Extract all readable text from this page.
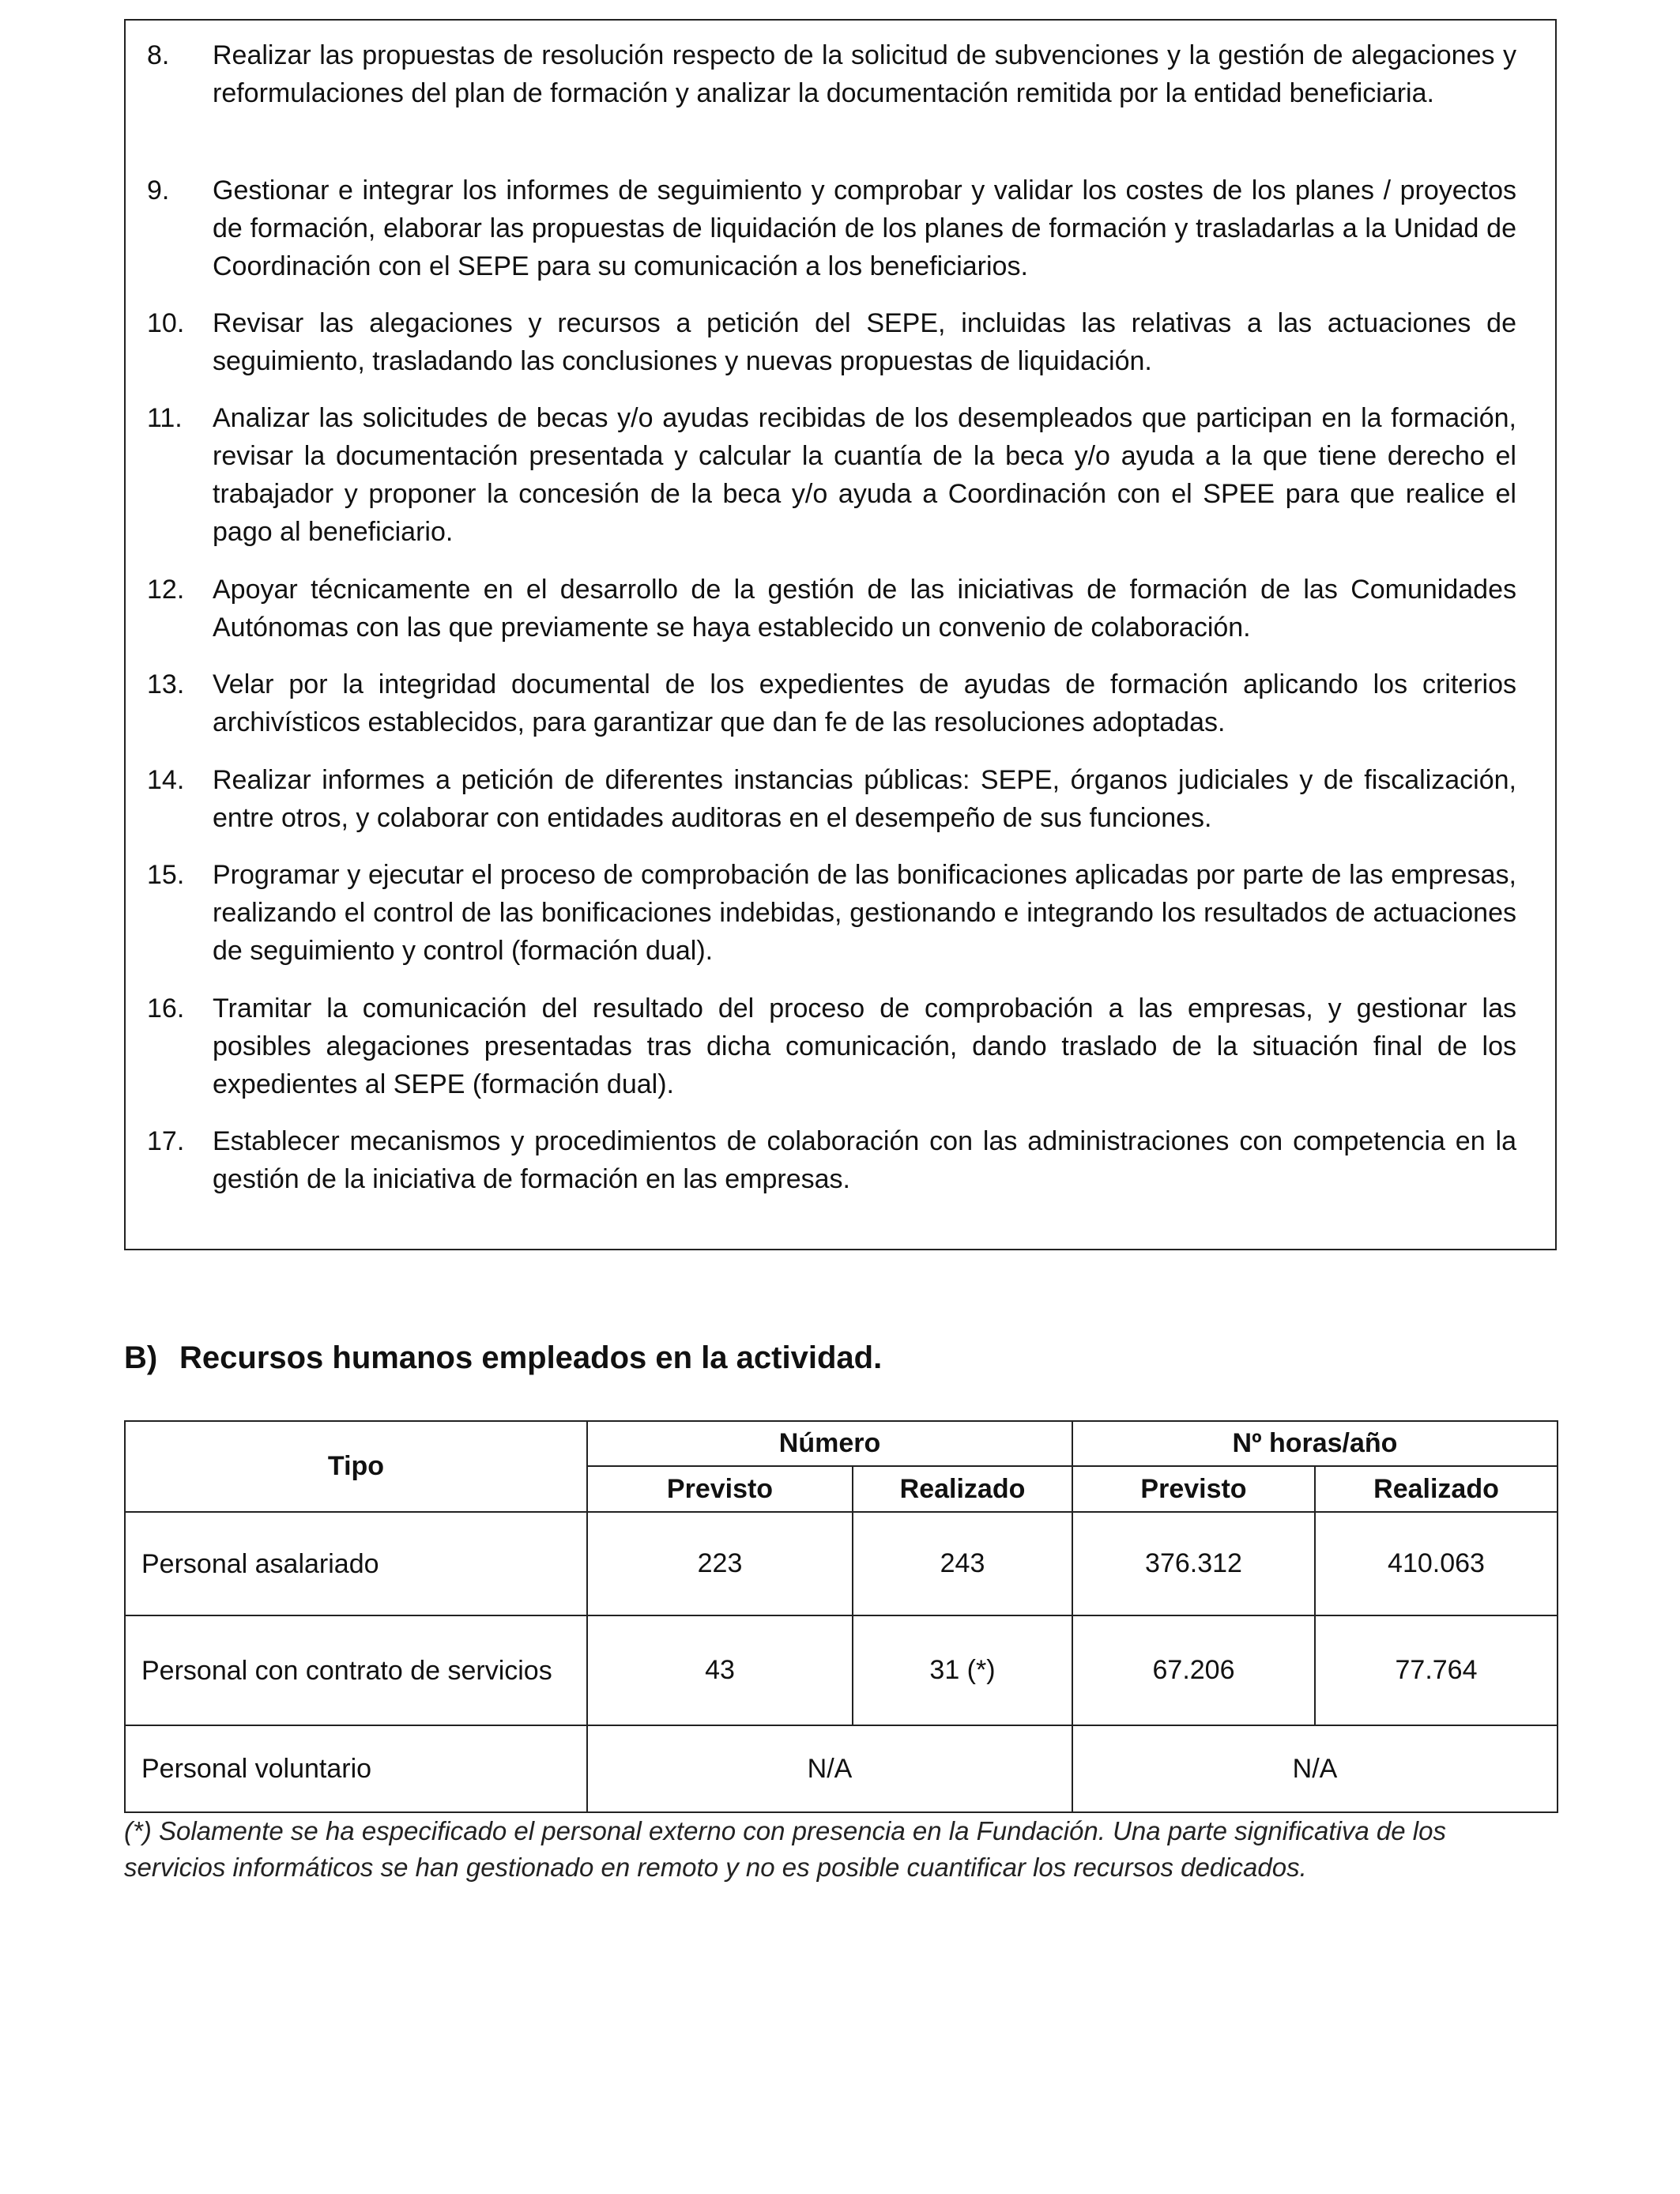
8. Realizar las propuestas de resolución respecto de la solicitud de subvenciones y la gestión de alegaciones y reformulaciones del plan de formación y analizar la documentación remitida por la entidad beneficiaria.
9. Gestionar e integrar los informes de seguimiento y comprobar y validar los costes de los planes / proyectos de formación, elaborar las propuestas de liquidación de los planes de formación y trasladarlas a la Unidad de Coordinación con el SEPE para su comunicación a los beneficiarios.
10. Revisar las alegaciones y recursos a petición del SEPE, incluidas las relativas a las actuaciones de seguimiento, trasladando las conclusiones y nuevas propuestas de liquidación.
11. Analizar las solicitudes de becas y/o ayudas recibidas de los desempleados que participan en la formación, revisar la documentación presentada y calcular la cuantía de la beca y/o ayuda a la que tiene derecho el trabajador y proponer la concesión de la beca y/o ayuda a Coordinación con el SPEE para que realice el pago al beneficiario.
12. Apoyar técnicamente en el desarrollo de la gestión de las iniciativas de formación de las Comunidades Autónomas con las que previamente se haya establecido un convenio de colaboración.
13. Velar por la integridad documental de los expedientes de ayudas de formación aplicando los criterios archivísticos establecidos, para garantizar que dan fe de las resoluciones adoptadas.
14. Realizar informes a petición de diferentes instancias públicas: SEPE, órganos judiciales y de fiscalización, entre otros, y colaborar con entidades auditoras en el desempeño de sus funciones.
15. Programar y ejecutar el proceso de comprobación de las bonificaciones aplicadas por parte de las empresas, realizando el control de las bonificaciones indebidas, gestionando e integrando los resultados de actuaciones de seguimiento y control (formación dual).
16. Tramitar la comunicación del resultado del proceso de comprobación a las empresas, y gestionar las posibles alegaciones presentadas tras dicha comunicación, dando traslado de la situación final de los expedientes al SEPE (formación dual).
17. Establecer mecanismos y procedimientos de colaboración con las administraciones con competencia en la gestión de la iniciativa de formación en las empresas.
B) Recursos humanos empleados en la actividad.
Tipo	Número		Nº horas/año	
	Previsto	Realizado	Previsto	Realizado
Personal asalariado	223	243	376.312	410.063
Personal con contrato de servicios	43	31 (*)	67.206	77.764
Personal voluntario	N/A		N/A	
(*) Solamente se ha especificado el personal externo con presencia en la Fundación. Una parte significativa de los servicios informáticos se han gestionado en remoto y no es posible cuantificar los recursos dedicados.
